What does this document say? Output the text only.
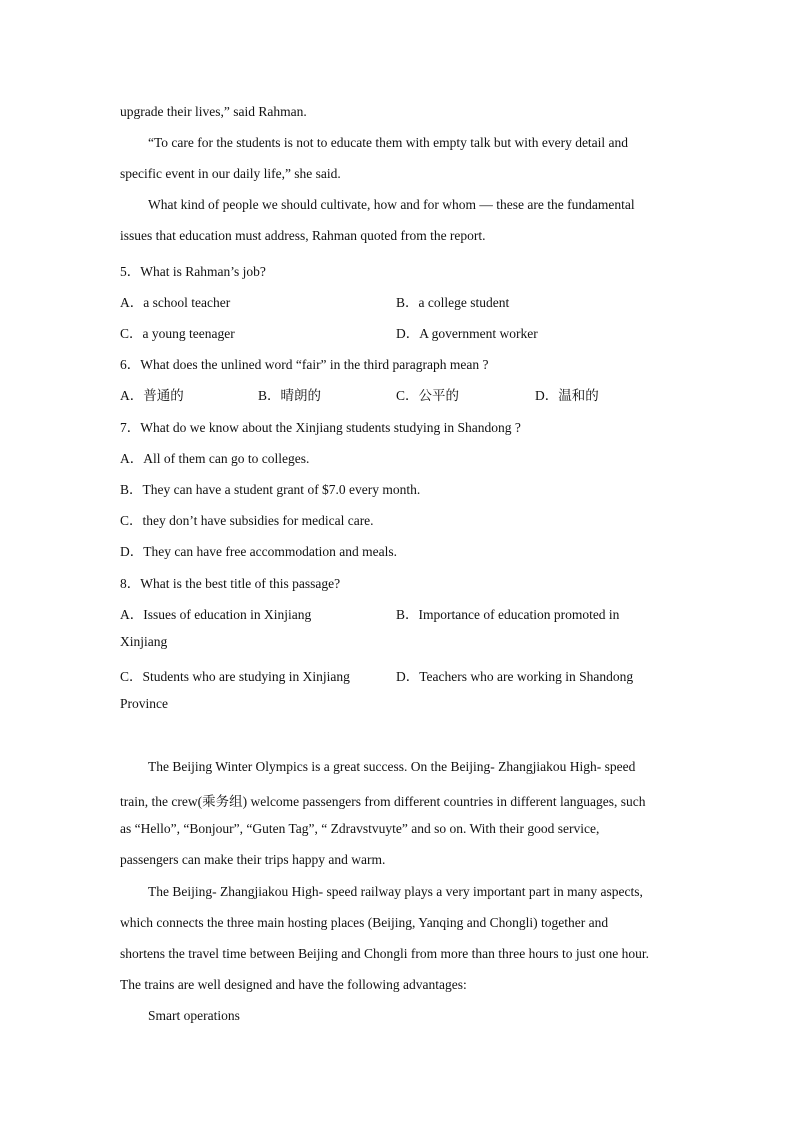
upgrade their lives,” said Rahman.
“To care for the students is not to educate them with empty talk but with every detail and
specific event in our daily life,” she said.
What kind of people we should cultivate, how and for whom — these are the fundamental
issues that education must address, Rahman quoted from the report.
5．What is Rahman’s job?
A．a school teacher	B．a college student
C．a young teenager	D．A government worker
6．What does the unlined word “fair” in the third paragraph mean ?
A．普通的	B．晴朗的	C．公平的	D．温和的
7．What do we know about the Xinjiang students studying in Shandong ?
A．All of them can go to colleges.
B．They can have a student grant of $7.0 every month.
C．they don’t have subsidies for medical care.
D．They can have free accommodation and meals.
8．What is the best title of this passage?
A．Issues of education in Xinjiang	B．Importance of education promoted in
Xinjiang
C．Students who are studying in Xinjiang	D．Teachers who are working in Shandong
Province
The Beijing Winter Olympics is a great success. On the Beijing- Zhangjiakou High- speed
train, the crew(乘务组) welcome passengers from different countries in different languages, such
as “Hello”, “Bonjour”, “Guten Tag”, “ Zdravstvuyte” and so on. With their good service,
passengers can make their trips happy and warm.
The Beijing- Zhangjiakou High- speed railway plays a very important part in many aspects,
which connects the three main hosting places (Beijing, Yanqing and Chongli) together and
shortens the travel time between Beijing and Chongli from more than three hours to just one hour.
The trains are well designed and have the following advantages:
Smart operations
